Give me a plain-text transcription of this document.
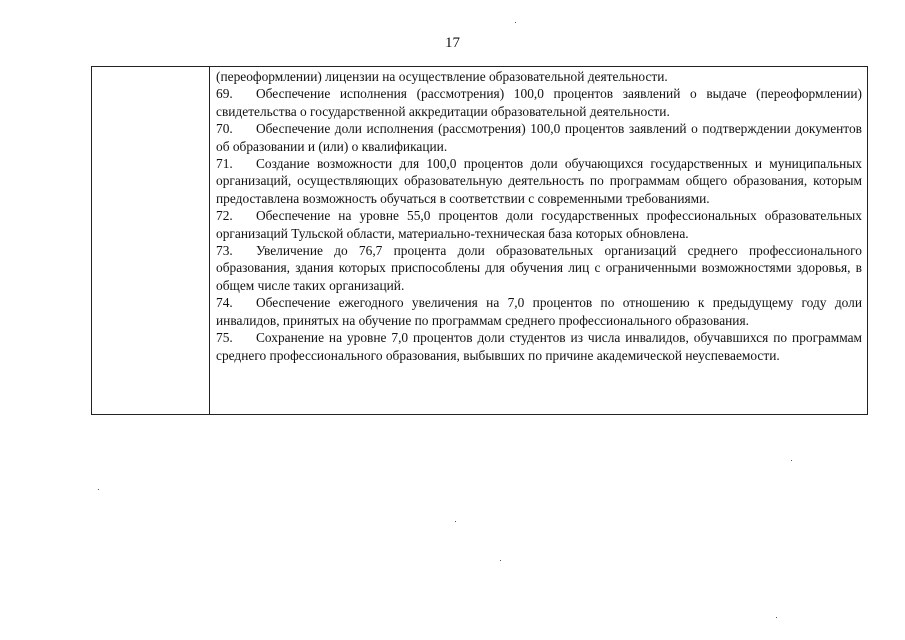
17

(переоформлении) лицензии на осуществление образовательной деятельности.

69. Обеспечение исполнения (рассмотрения) 100,0 процентов заявлений о выдаче (переоформлении) свидетельства о государственной аккредитации образовательной деятельности.

70. Обеспечение доли исполнения (рассмотрения) 100,0 процентов заявлений о подтверждении документов об образовании и (или) о квалификации.

71. Создание возможности для 100,0 процентов доли обучающихся государственных и муниципальных организаций, осуществляющих образовательную деятельность по программам общего образования, которым предоставлена возможность обучаться в соответствии с современными требованиями.

72. Обеспечение на уровне 55,0 процентов доли государственных профессиональных образовательных организаций Тульской области, материально-техническая база которых обновлена.

73. Увеличение до 76,7 процента доли образовательных организаций среднего профессионального образования, здания которых приспособлены для обучения лиц с ограниченными возможностями здоровья, в общем числе таких организаций.

74. Обеспечение ежегодного увеличения на 7,0 процентов по отношению к предыдущему году доли инвалидов, принятых на обучение по программам среднего профессионального образования.

75. Сохранение на уровне 7,0 процентов доли студентов из числа инвалидов, обучавшихся по программам среднего профессионального образования, выбывших по причине академической неуспеваемости.
